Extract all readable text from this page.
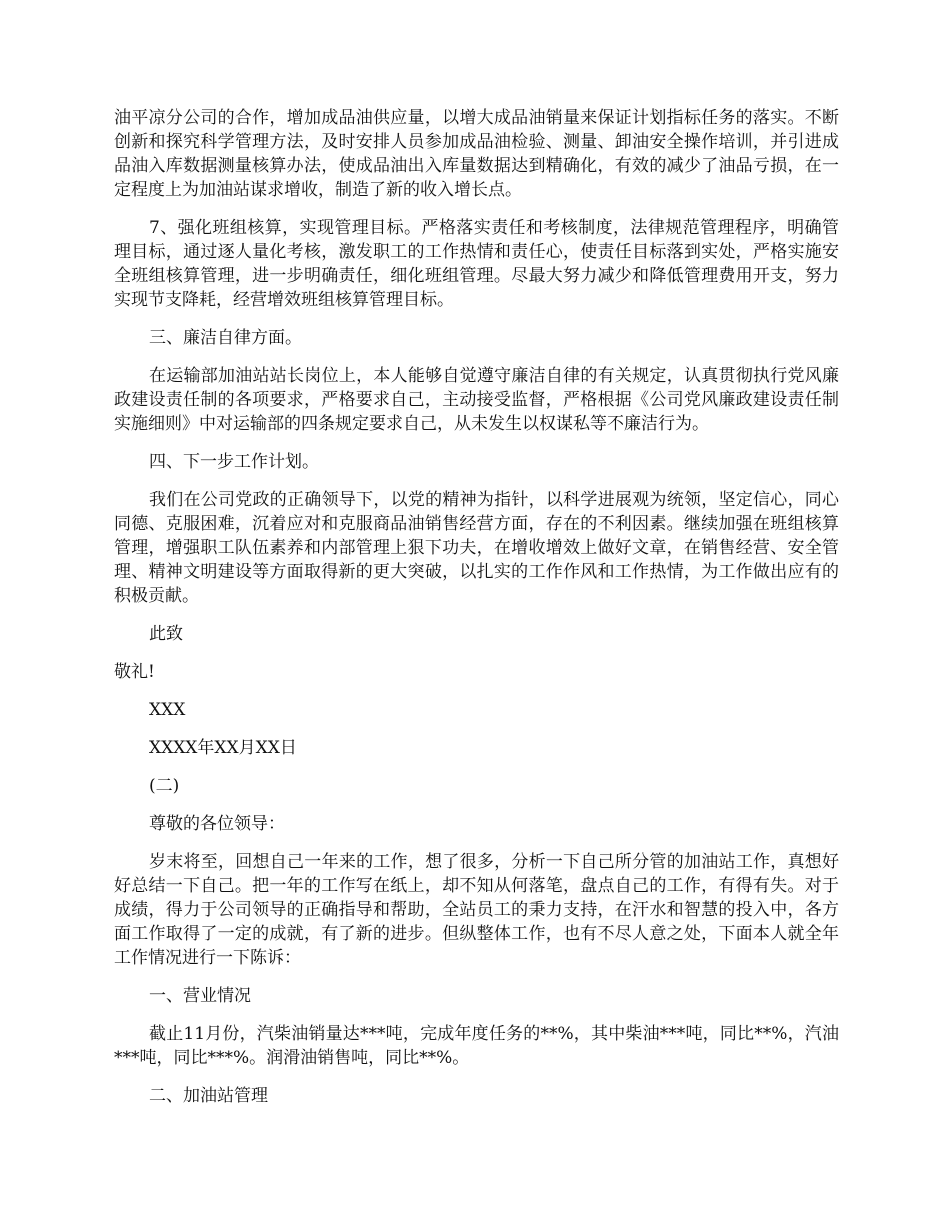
油平凉分公司的合作，增加成品油供应量，以增大成品油销量来保证计划指标任务的落实。不断创新和探究科学管理方法，及时安排人员参加成品油检验、测量、卸油安全操作培训，并引进成品油入库数据测量核算办法，使成品油出入库量数据达到精确化，有效的减少了油品亏损，在一定程度上为加油站谋求增收，制造了新的收入增长点。

7、强化班组核算，实现管理目标。严格落实责任和考核制度，法律规范管理程序，明确管理目标，通过逐人量化考核，激发职工的工作热情和责任心，使责任目标落到实处，严格实施安全班组核算管理，进一步明确责任，细化班组管理。尽最大努力减少和降低管理费用开支，努力实现节支降耗，经营增效班组核算管理目标。

三、廉洁自律方面。

在运输部加油站站长岗位上，本人能够自觉遵守廉洁自律的有关规定，认真贯彻执行党风廉政建设责任制的各项要求，严格要求自己，主动接受监督，严格根据《公司党风廉政建设责任制实施细则》中对运输部的四条规定要求自己，从未发生以权谋私等不廉洁行为。

四、下一步工作计划。

我们在公司党政的正确领导下，以党的精神为指针，以科学进展观为统领，坚定信心，同心同德、克服困难，沉着应对和克服商品油销售经营方面，存在的不利因素。继续加强在班组核算管理，增强职工队伍素养和内部管理上狠下功夫，在增收增效上做好文章，在销售经营、安全管理、精神文明建设等方面取得新的更大突破，以扎实的工作作风和工作热情，为工作做出应有的积极贡献。

此致

敬礼!

XXX

XXXX年XX月XX日

(二)

尊敬的各位领导：

岁末将至，回想自己一年来的工作，想了很多，分析一下自己所分管的加油站工作，真想好好总结一下自己。把一年的工作写在纸上，却不知从何落笔，盘点自己的工作，有得有失。对于成绩，得力于公司领导的正确指导和帮助，全站员工的秉力支持，在汗水和智慧的投入中，各方面工作取得了一定的成就，有了新的进步。但纵整体工作，也有不尽人意之处，下面本人就全年工作情况进行一下陈诉：

一、营业情况

截止11月份，汽柴油销量达***吨，完成年度任务的**%，其中柴油***吨，同比**%，汽油***吨，同比***%。润滑油销售吨，同比**%。

二、加油站管理
